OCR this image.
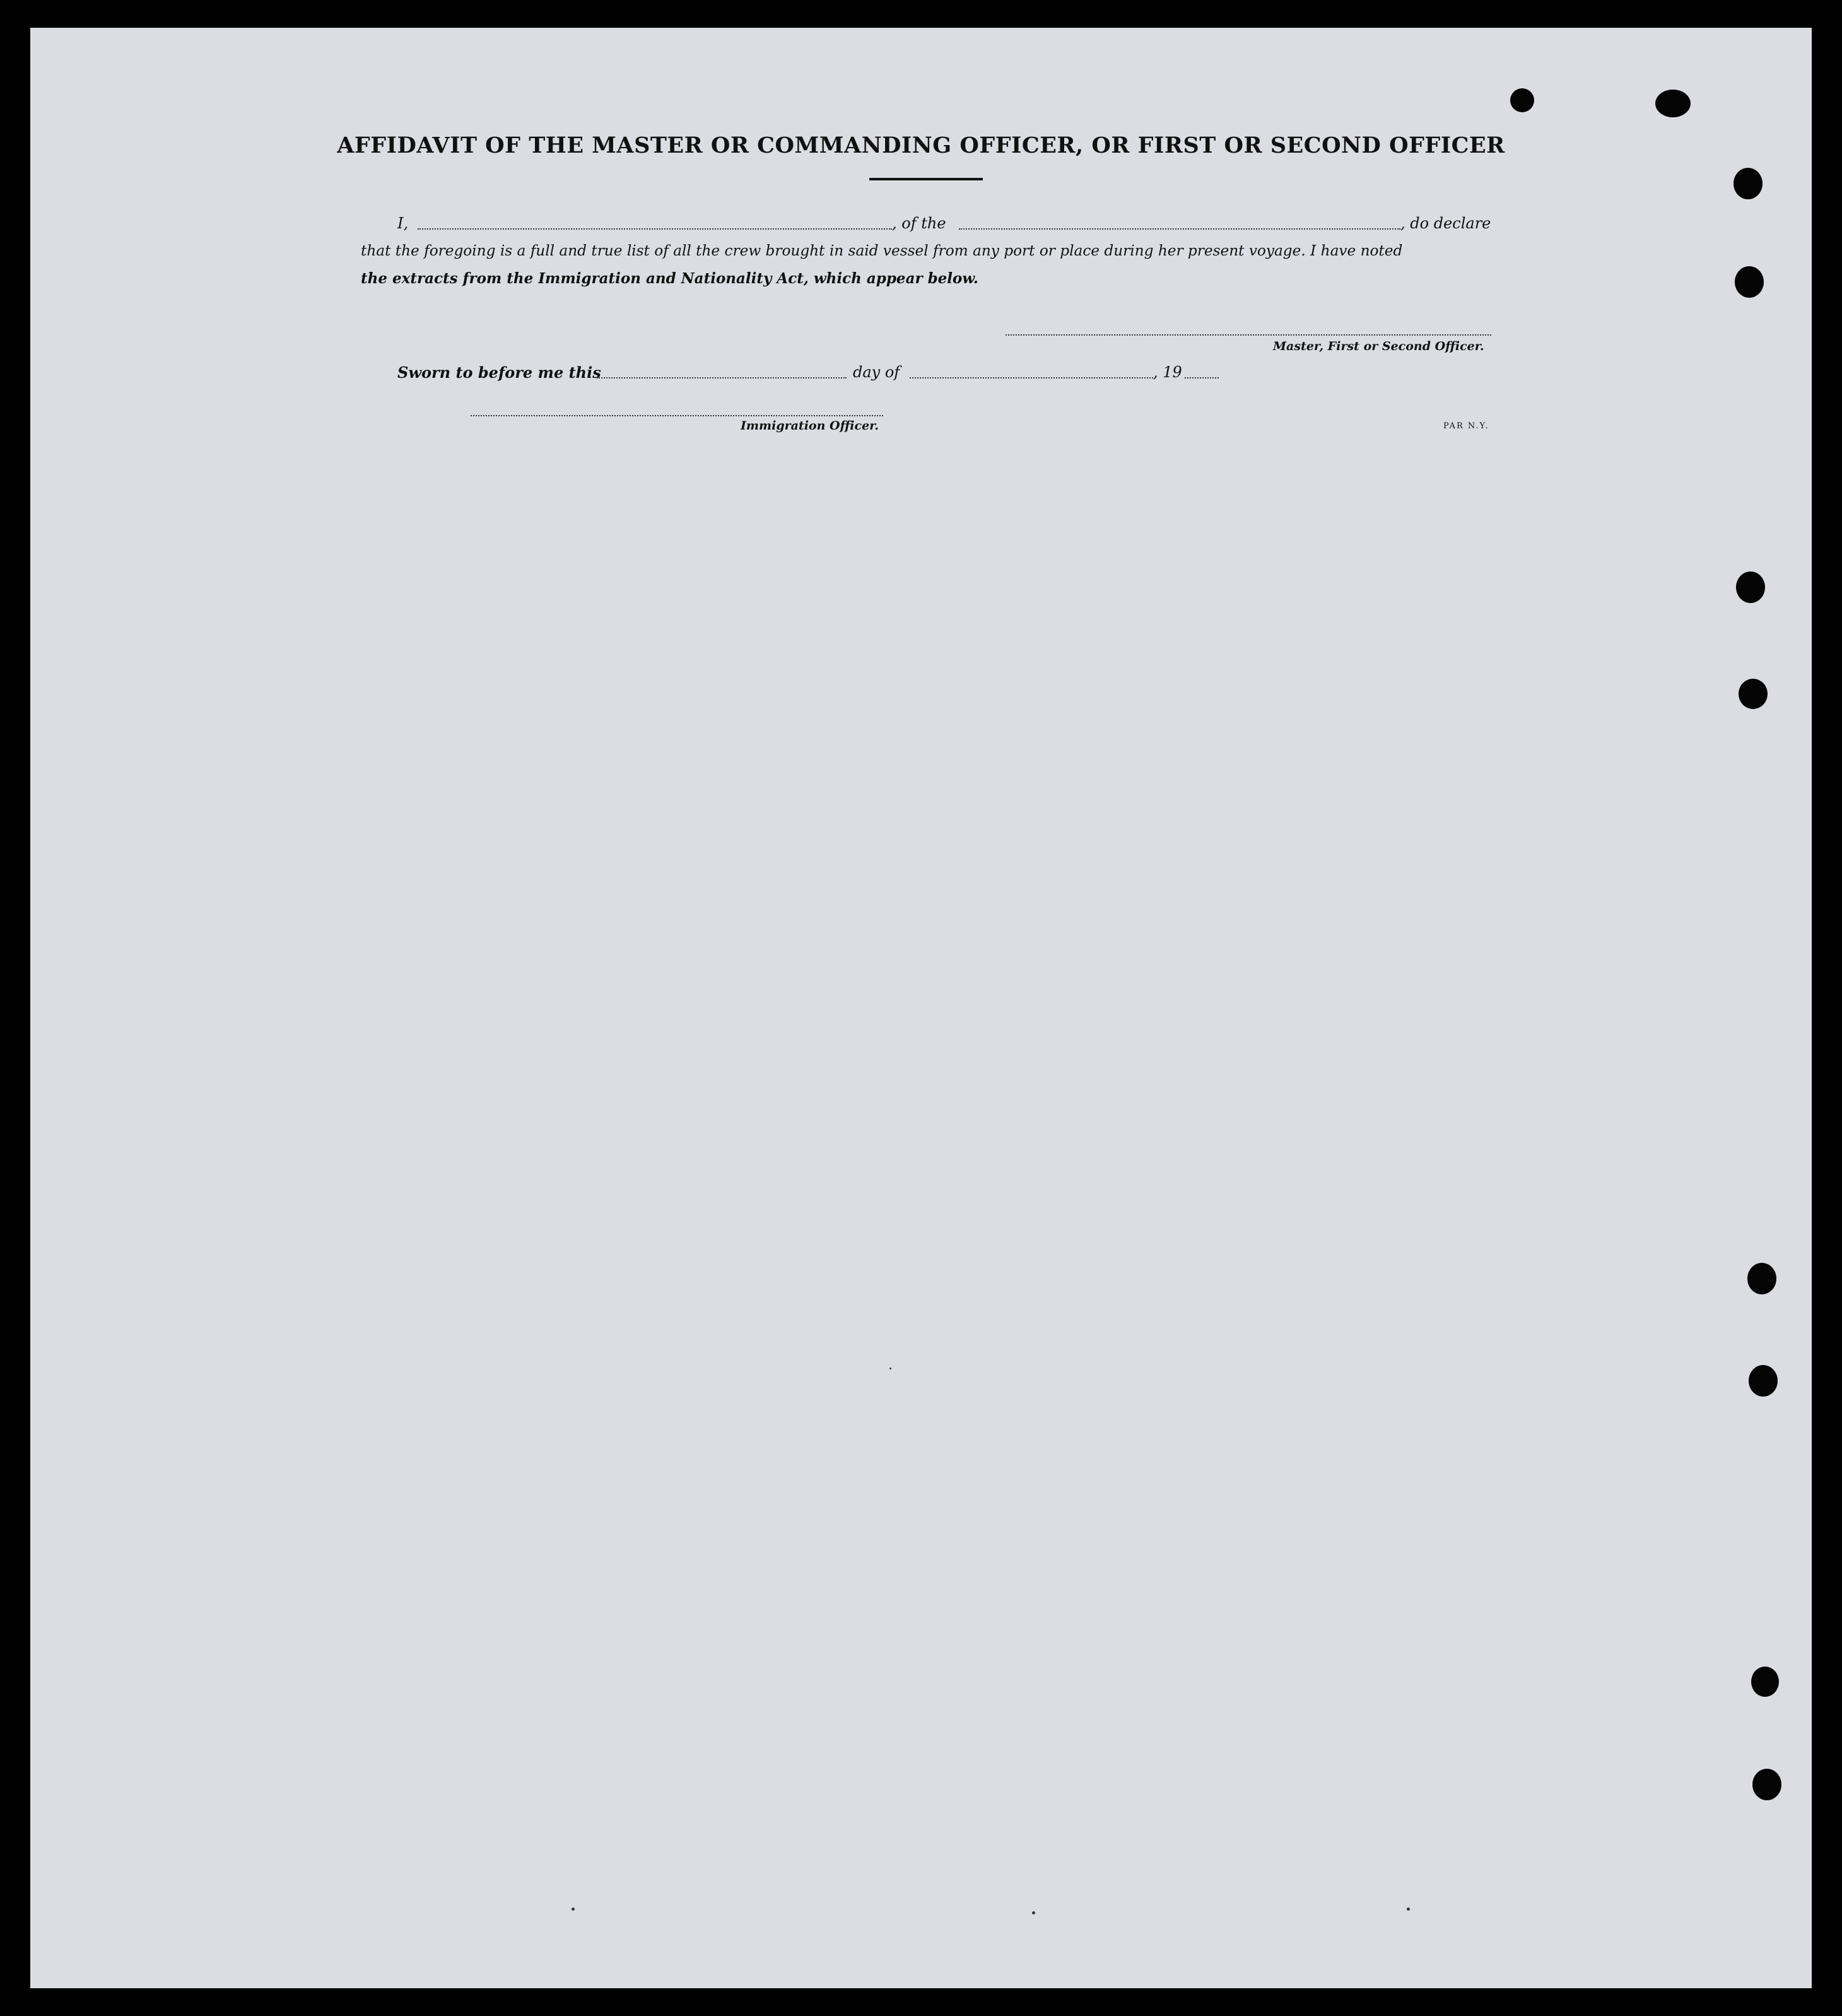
AFFIDAVIT OF THE MASTER OR COMMANDING OFFICER, OR FIRST OR SECOND OFFICER
I,	, of the	, do declare
that the foregoing is a full and true list of all the crew brought in said vessel from any port or place during her present voyage. I have noted
the extracts from the Immigration and Nationality Act, which appear below.
Master, First or Second Officer.
Sworn to before me this	day of	, 19
Immigration Officer.	PAR N.Y.
